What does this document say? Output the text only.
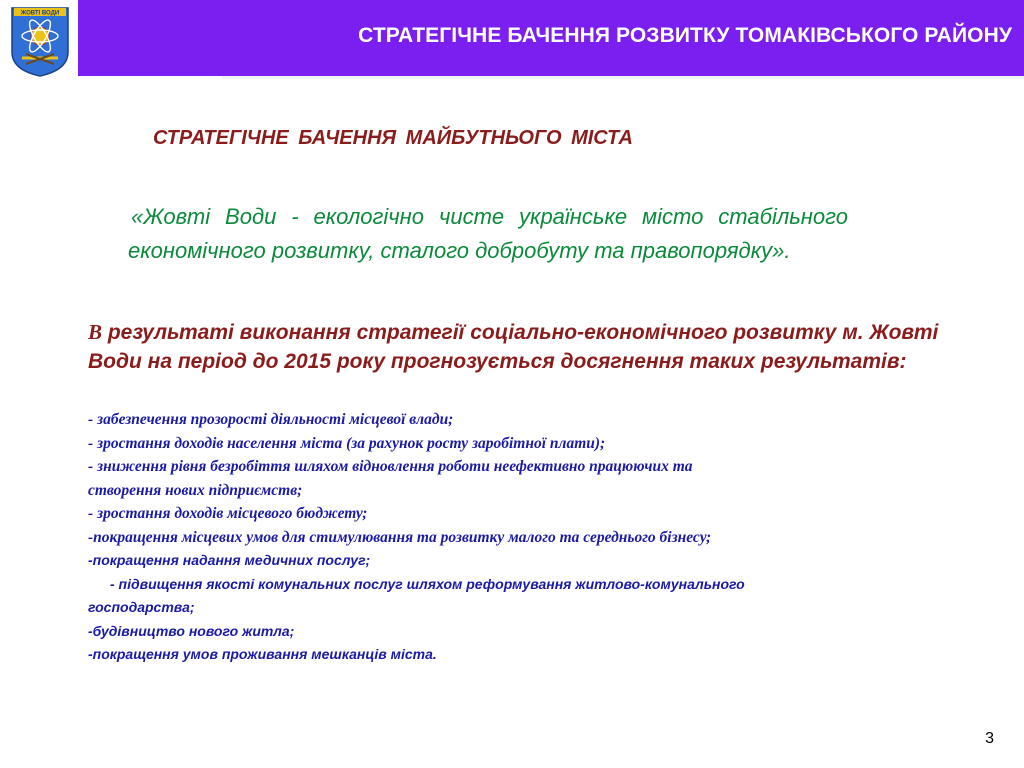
СТРАТЕГІЧНЕ БАЧЕННЯ РОЗВИТКУ ТОМАКІВСЬКОГО РАЙОНУ
ЖОВТІ ВОДИ
СТРАТЕГІЧНЕ БАЧЕННЯ МАЙБУТНЬОГО МІСТА
«Жовті Води - екологічно чисте українське місто стабільного економічного розвитку, сталого добробуту та правопорядку».
В результаті виконання стратегії соціально-економічного розвитку м. Жовті Води на період до 2015 року прогнозується досягнення таких результатів:
- забезпечення прозорості діяльності місцевої влади;
- зростання доходів населення міста (за рахунок росту заробітної плати);
- зниження рівня безробіття шляхом відновлення роботи неефективно працюючих та
створення нових підприємств;
- зростання доходів місцевого бюджету;
-покращення місцевих умов для стимулювання та розвитку малого та середнього бізнесу;
-покращення надання медичних послуг;
- підвищення якості комунальних послуг шляхом реформування житлово-комунального
господарства;
-будівництво нового житла;
-покращення умов проживання мешканців міста.
3
